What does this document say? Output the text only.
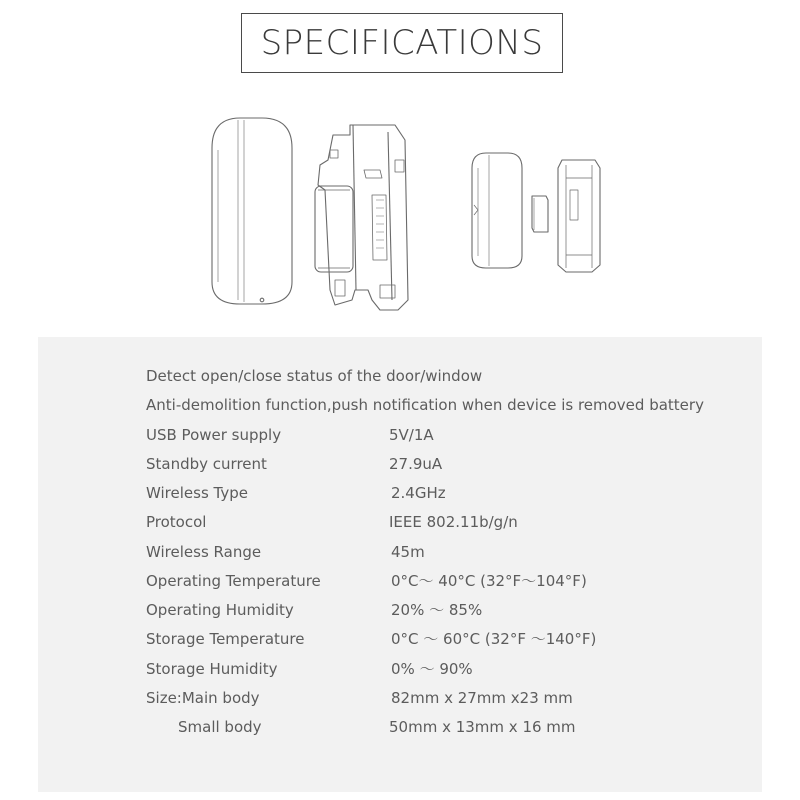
SPECIFICATIONS
Detect open/close status of the door/window
Anti-demolition function,push notification when device is removed battery
USB Power supply	5V/1A
Standby current	27.9uA
Wireless Type	2.4GHz
Protocol	IEEE 802.11b/g/n
Wireless Range	45m
Operating Temperature	0°C～ 40°C (32°F～104°F)
Operating Humidity	20% ～ 85%
Storage Temperature	0°C ～ 60°C (32°F ～140°F)
Storage Humidity	0% ～ 90%
Size:Main body	82mm x 27mm x23 mm
Small body	50mm x 13mm x 16 mm
